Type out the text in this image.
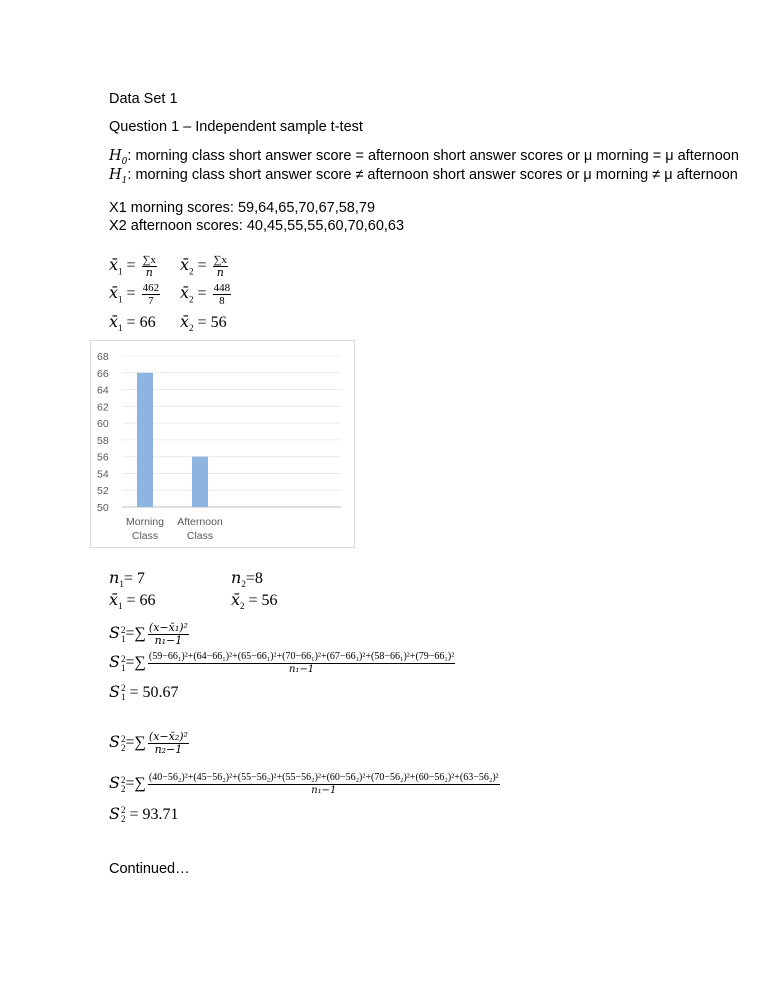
Data Set 1
Question 1 – Independent sample t-test
$H_0$: morning class short answer score = afternoon short answer scores or μ morning = μ afternoon
$H_1$: morning class short answer score ≠ afternoon short answer scores or μ morning ≠ μ afternoon
X1 morning scores: 59,64,65,70,67,58,79
X2 afternoon scores: 40,45,55,55,60,70,60,63
$x̄_1 = \frac{\sum x}{n}$
$x̄_1 = \frac{462}{7}$
$x̄_1 = 66$
$x̄_2 = \frac{\sum x}{n}$
$x̄_2 = \frac{448}{8}$
$x̄_2 = 56$
50
52
54
56
58
60
62
64
66
68
Morning
Class
Afternoon
Class
$n_1= 7$	$n_2=8$
$x̄_1 = 66$	$x̄_2 = 56$
S 2
1 =∑ $\frac{\text{(x−x̄₁)²}}{\text{n₁−1}}$
S 2
1 =∑ (59−66₁)²+(64−66₁)²+(65−66₁)²+(70−66₁)²+(67−66₁)²+(58−66₁)²+(79−66₁)²
n₁−1
S 2
1 = 50.67
S 2
2 =∑ $\frac{\text{(x−x̄₂)²}}{\text{n₂−1}}$
S 2
2 =∑ (40−56₂)²+(45−56₂)²+(55−56₂)²+(55−56₂)²+(60−56₂)²+(70−56₂)²+(60−56₂)²+(63−56₂)²
n₁−1
S 2
2 = 93.71
Continued…
